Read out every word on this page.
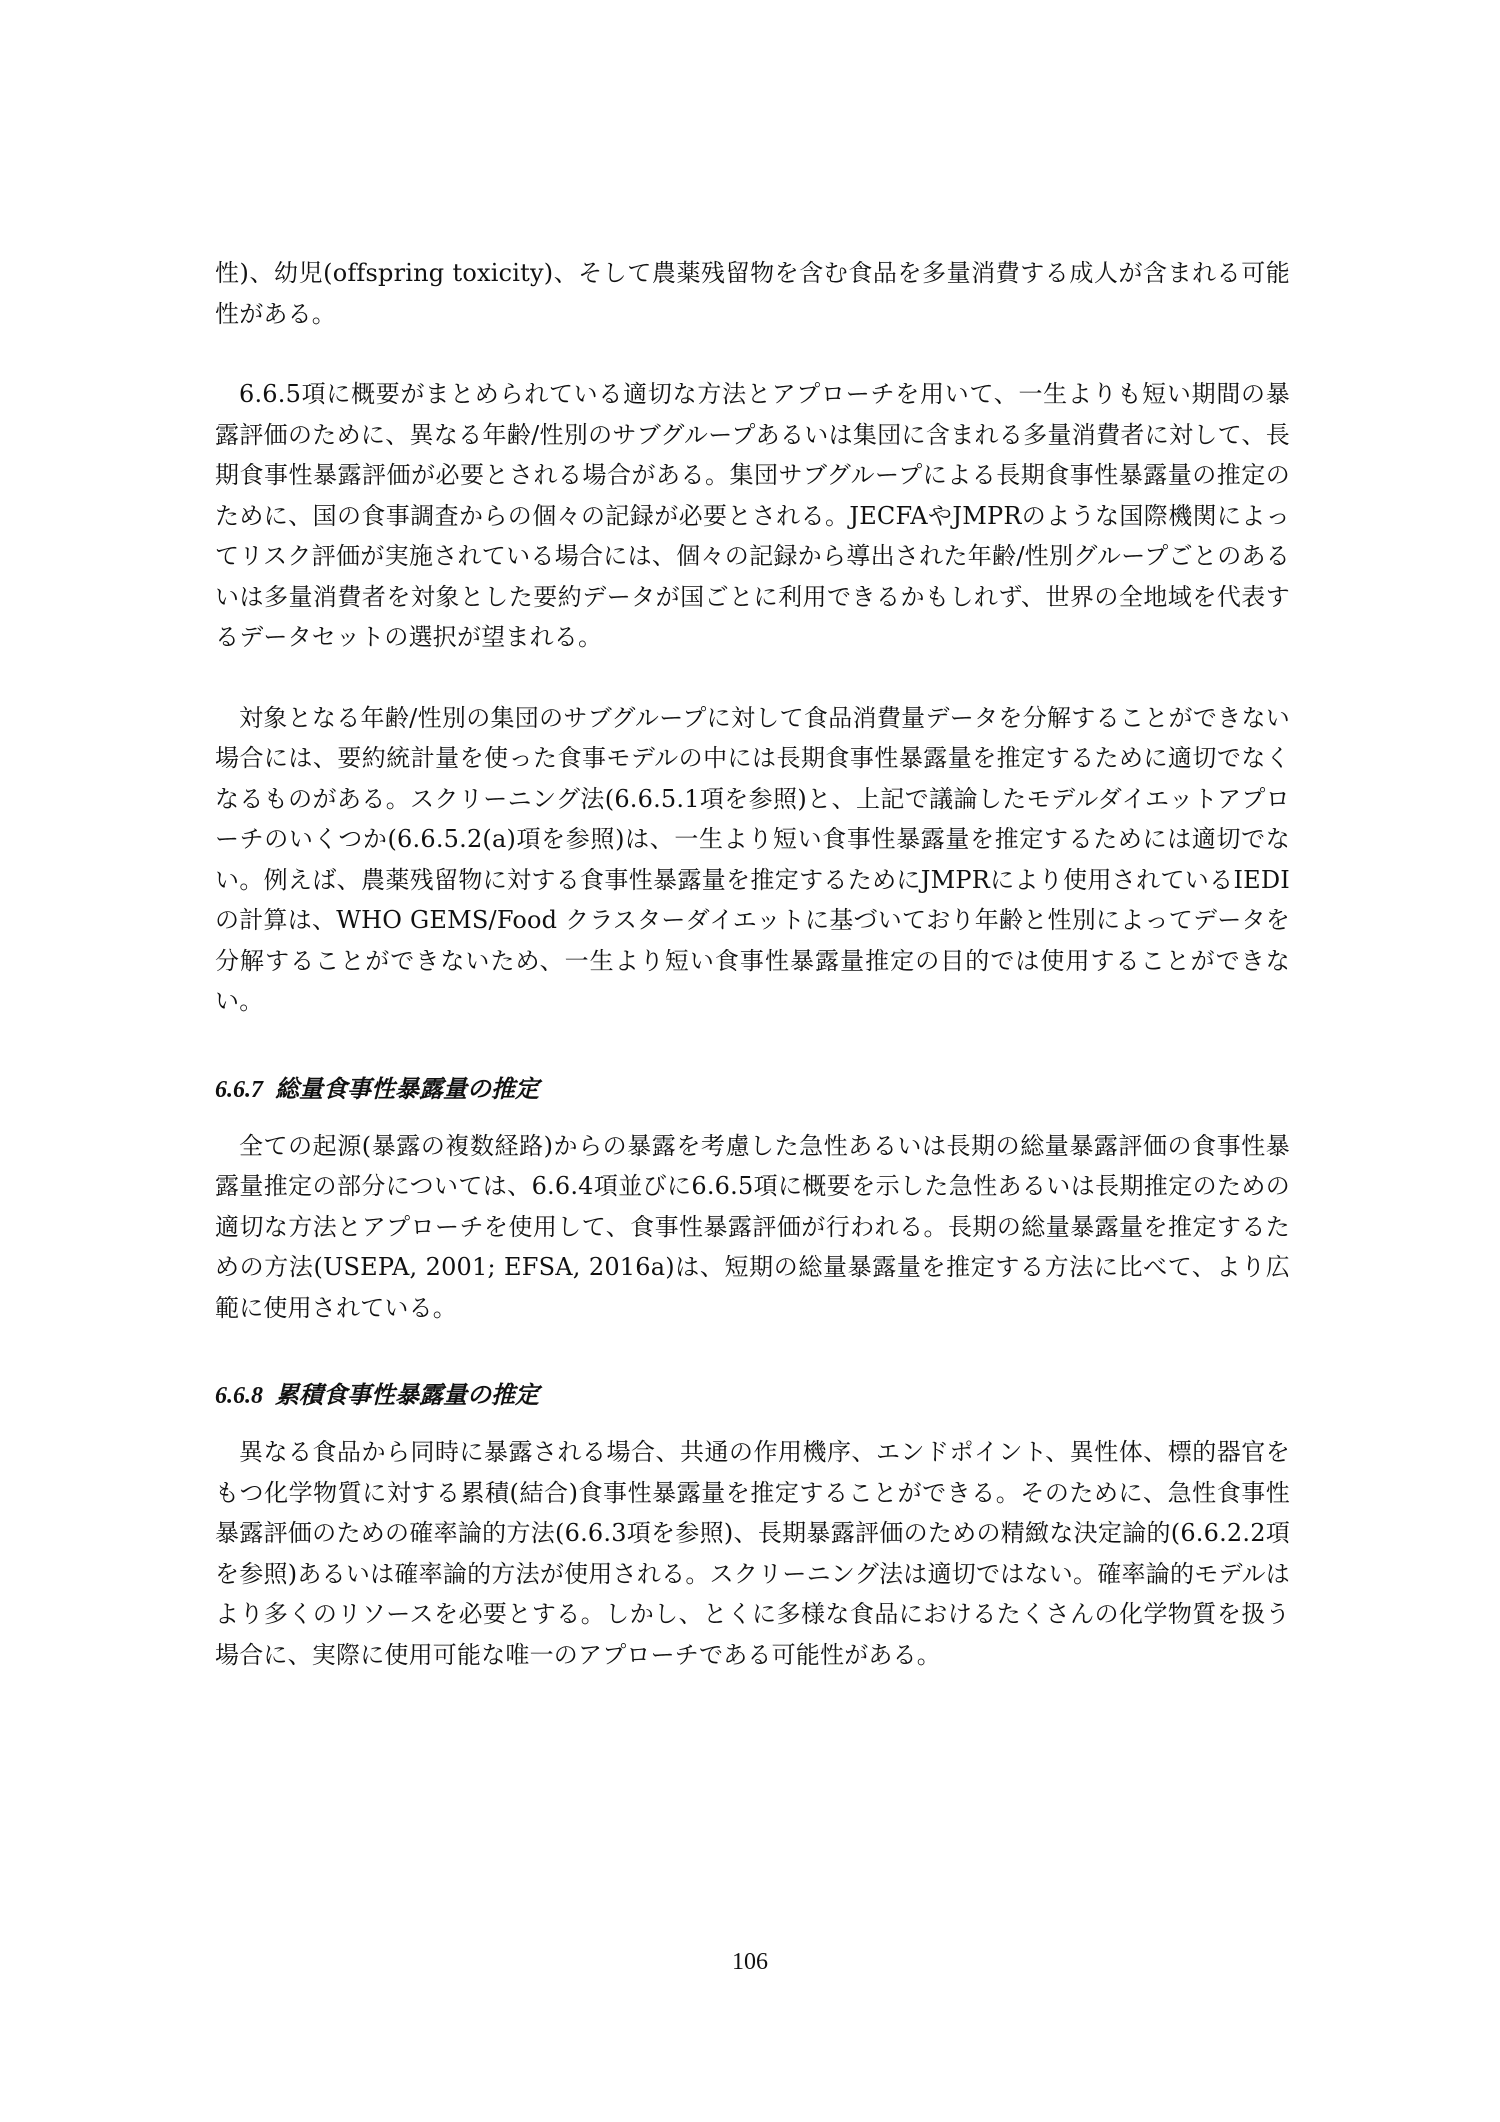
性)、幼児(offspring toxicity)、そして農薬残留物を含む食品を多量消費する成人が含まれる可能性がある。

6.6.5項に概要がまとめられている適切な方法とアプローチを用いて、一生よりも短い期間の暴露評価のために、異なる年齢/性別のサブグループあるいは集団に含まれる多量消費者に対して、長期食事性暴露評価が必要とされる場合がある。集団サブグループによる長期食事性暴露量の推定のために、国の食事調査からの個々の記録が必要とされる。JECFAやJMPRのような国際機関によってリスク評価が実施されている場合には、個々の記録から導出された年齢/性別グループごとのあるいは多量消費者を対象とした要約データが国ごとに利用できるかもしれず、世界の全地域を代表するデータセットの選択が望まれる。

対象となる年齢/性別の集団のサブグループに対して食品消費量データを分解することができない場合には、要約統計量を使った食事モデルの中には長期食事性暴露量を推定するために適切でなくなるものがある。スクリーニング法(6.6.5.1項を参照)と、上記で議論したモデルダイエットアプローチのいくつか(6.6.5.2(a)項を参照)は、一生より短い食事性暴露量を推定するためには適切でない。例えば、農薬残留物に対する食事性暴露量を推定するためにJMPRにより使用されているIEDIの計算は、WHO GEMS/Food クラスターダイエットに基づいており年齢と性別によってデータを分解することができないため、一生より短い食事性暴露量推定の目的では使用することができない。

6.6.7 総量食事性暴露量の推定

全ての起源(暴露の複数経路)からの暴露を考慮した急性あるいは長期の総量暴露評価の食事性暴露量推定の部分については、6.6.4項並びに6.6.5項に概要を示した急性あるいは長期推定のための適切な方法とアプローチを使用して、食事性暴露評価が行われる。長期の総量暴露量を推定するための方法(USEPA, 2001; EFSA, 2016a)は、短期の総量暴露量を推定する方法に比べて、より広範に使用されている。

6.6.8 累積食事性暴露量の推定

異なる食品から同時に暴露される場合、共通の作用機序、エンドポイント、異性体、標的器官をもつ化学物質に対する累積(結合)食事性暴露量を推定することができる。そのために、急性食事性暴露評価のための確率論的方法(6.6.3項を参照)、長期暴露評価のための精緻な決定論的(6.6.2.2項を参照)あるいは確率論的方法が使用される。スクリーニング法は適切ではない。確率論的モデルはより多くのリソースを必要とする。しかし、とくに多様な食品におけるたくさんの化学物質を扱う場合に、実際に使用可能な唯一のアプローチである可能性がある。

106
